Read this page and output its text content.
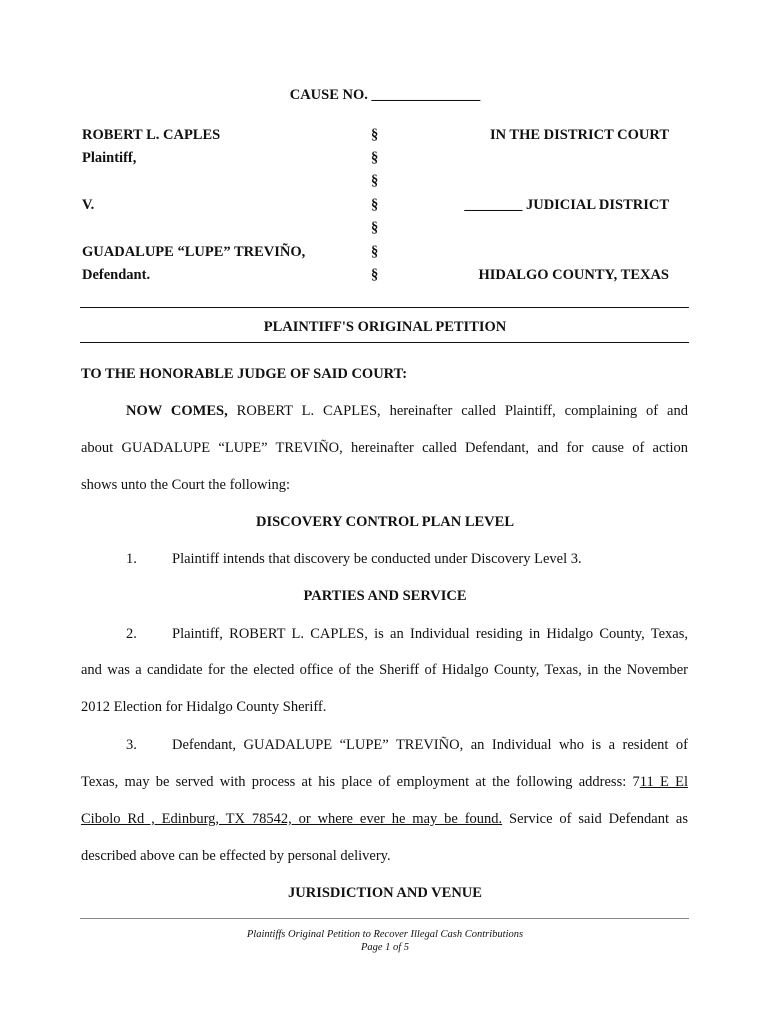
CAUSE NO. _______________
ROBERT L. CAPLES
Plaintiff,
V.
GUADALUPE “LUPE” TREVIÑO,
Defendant.
§
§
§
§
§
§
§
IN THE DISTRICT COURT
________ JUDICIAL DISTRICT
HIDALGO COUNTY, TEXAS
PLAINTIFF'S ORIGINAL PETITION
TO THE HONORABLE JUDGE OF SAID COURT:
NOW COMES, ROBERT L. CAPLES, hereinafter called Plaintiff, complaining of and
about GUADALUPE “LUPE” TREVIÑO, hereinafter called Defendant, and for cause of action
shows unto the Court the following:
DISCOVERY CONTROL PLAN LEVEL
1. Plaintiff intends that discovery be conducted under Discovery Level 3.
PARTIES AND SERVICE
2. Plaintiff, ROBERT L. CAPLES, is an Individual residing in Hidalgo County, Texas,
and was a candidate for the elected office of the Sheriff of Hidalgo County, Texas, in the November
2012 Election for Hidalgo County Sheriff.
3. Defendant, GUADALUPE “LUPE” TREVIÑO, an Individual who is a resident of
Texas, may be served with process at his place of employment at the following address: 711 E El
Cibolo Rd , Edinburg, TX 78542, or where ever he may be found. Service of said Defendant as
described above can be effected by personal delivery.
JURISDICTION AND VENUE
Plaintiffs Original Petition to Recover Illegal Cash Contributions
Page 1 of 5
